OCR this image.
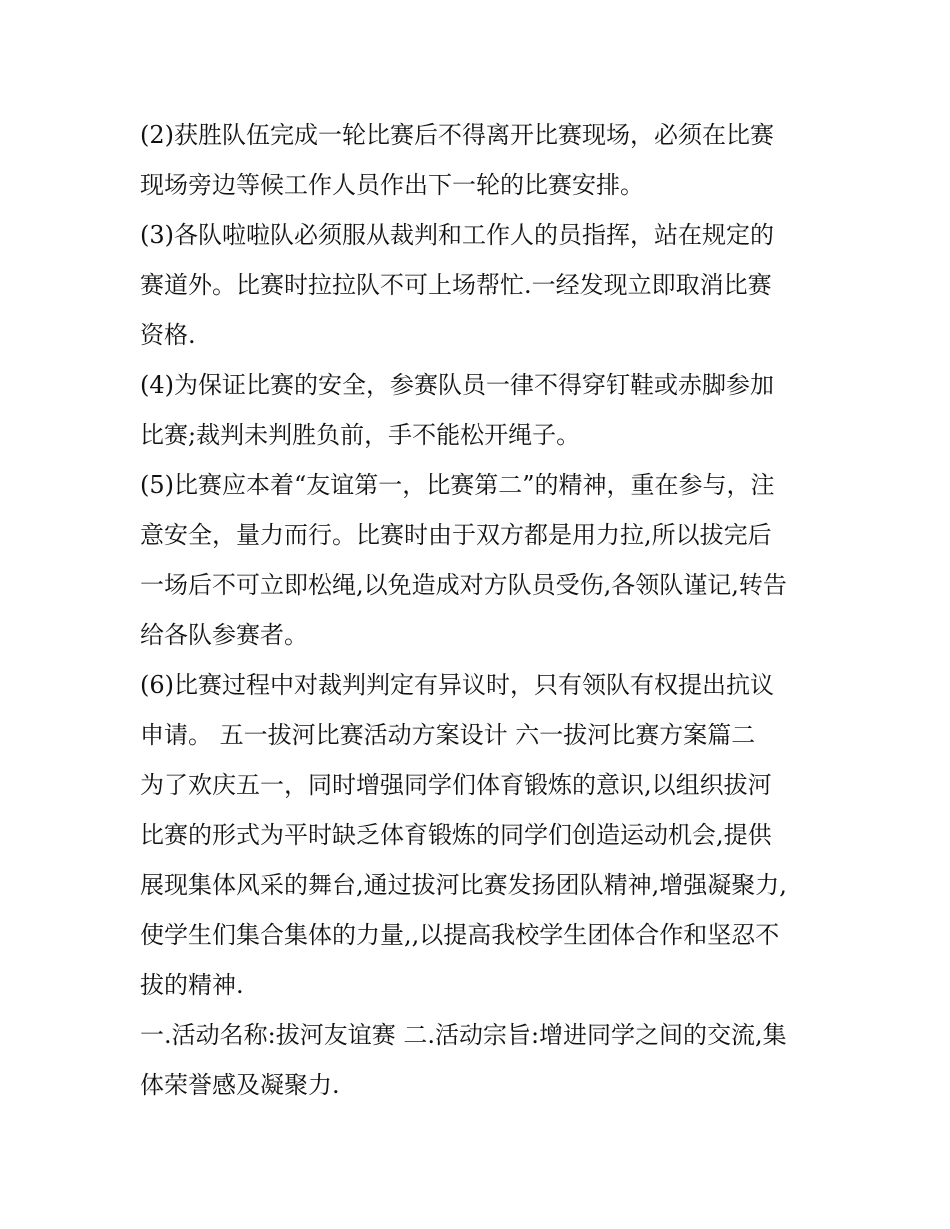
(2)获胜队伍完成一轮比赛后不得离开比赛现场，必须在比赛
现场旁边等候工作人员作出下一轮的比赛安排。
(3)各队啦啦队必须服从裁判和工作人的员指挥，站在规定的
赛道外。比赛时拉拉队不可上场帮忙.一经发现立即取消比赛
资格.
(4)为保证比赛的安全，参赛队员一律不得穿钉鞋或赤脚参加
比赛;裁判未判胜负前，手不能松开绳子。
(5)比赛应本着“友谊第一，比赛第二”的精神，重在参与，注
意安全，量力而行。比赛时由于双方都是用力拉,所以拔完后
一场后不可立即松绳,以免造成对方队员受伤,各领队谨记,转告
给各队参赛者。
(6)比赛过程中对裁判判定有异议时，只有领队有权提出抗议
申请。 五一拔河比赛活动方案设计 六一拔河比赛方案篇二
为了欢庆五一，同时增强同学们体育锻炼的意识,以组织拔河
比赛的形式为平时缺乏体育锻炼的同学们创造运动机会,提供
展现集体风采的舞台,通过拔河比赛发扬团队精神,增强凝聚力,
使学生们集合集体的力量,,以提高我校学生团体合作和坚忍不
拔的精神.
一.活动名称:拔河友谊赛 二.活动宗旨:增进同学之间的交流,集
体荣誉感及凝聚力.
